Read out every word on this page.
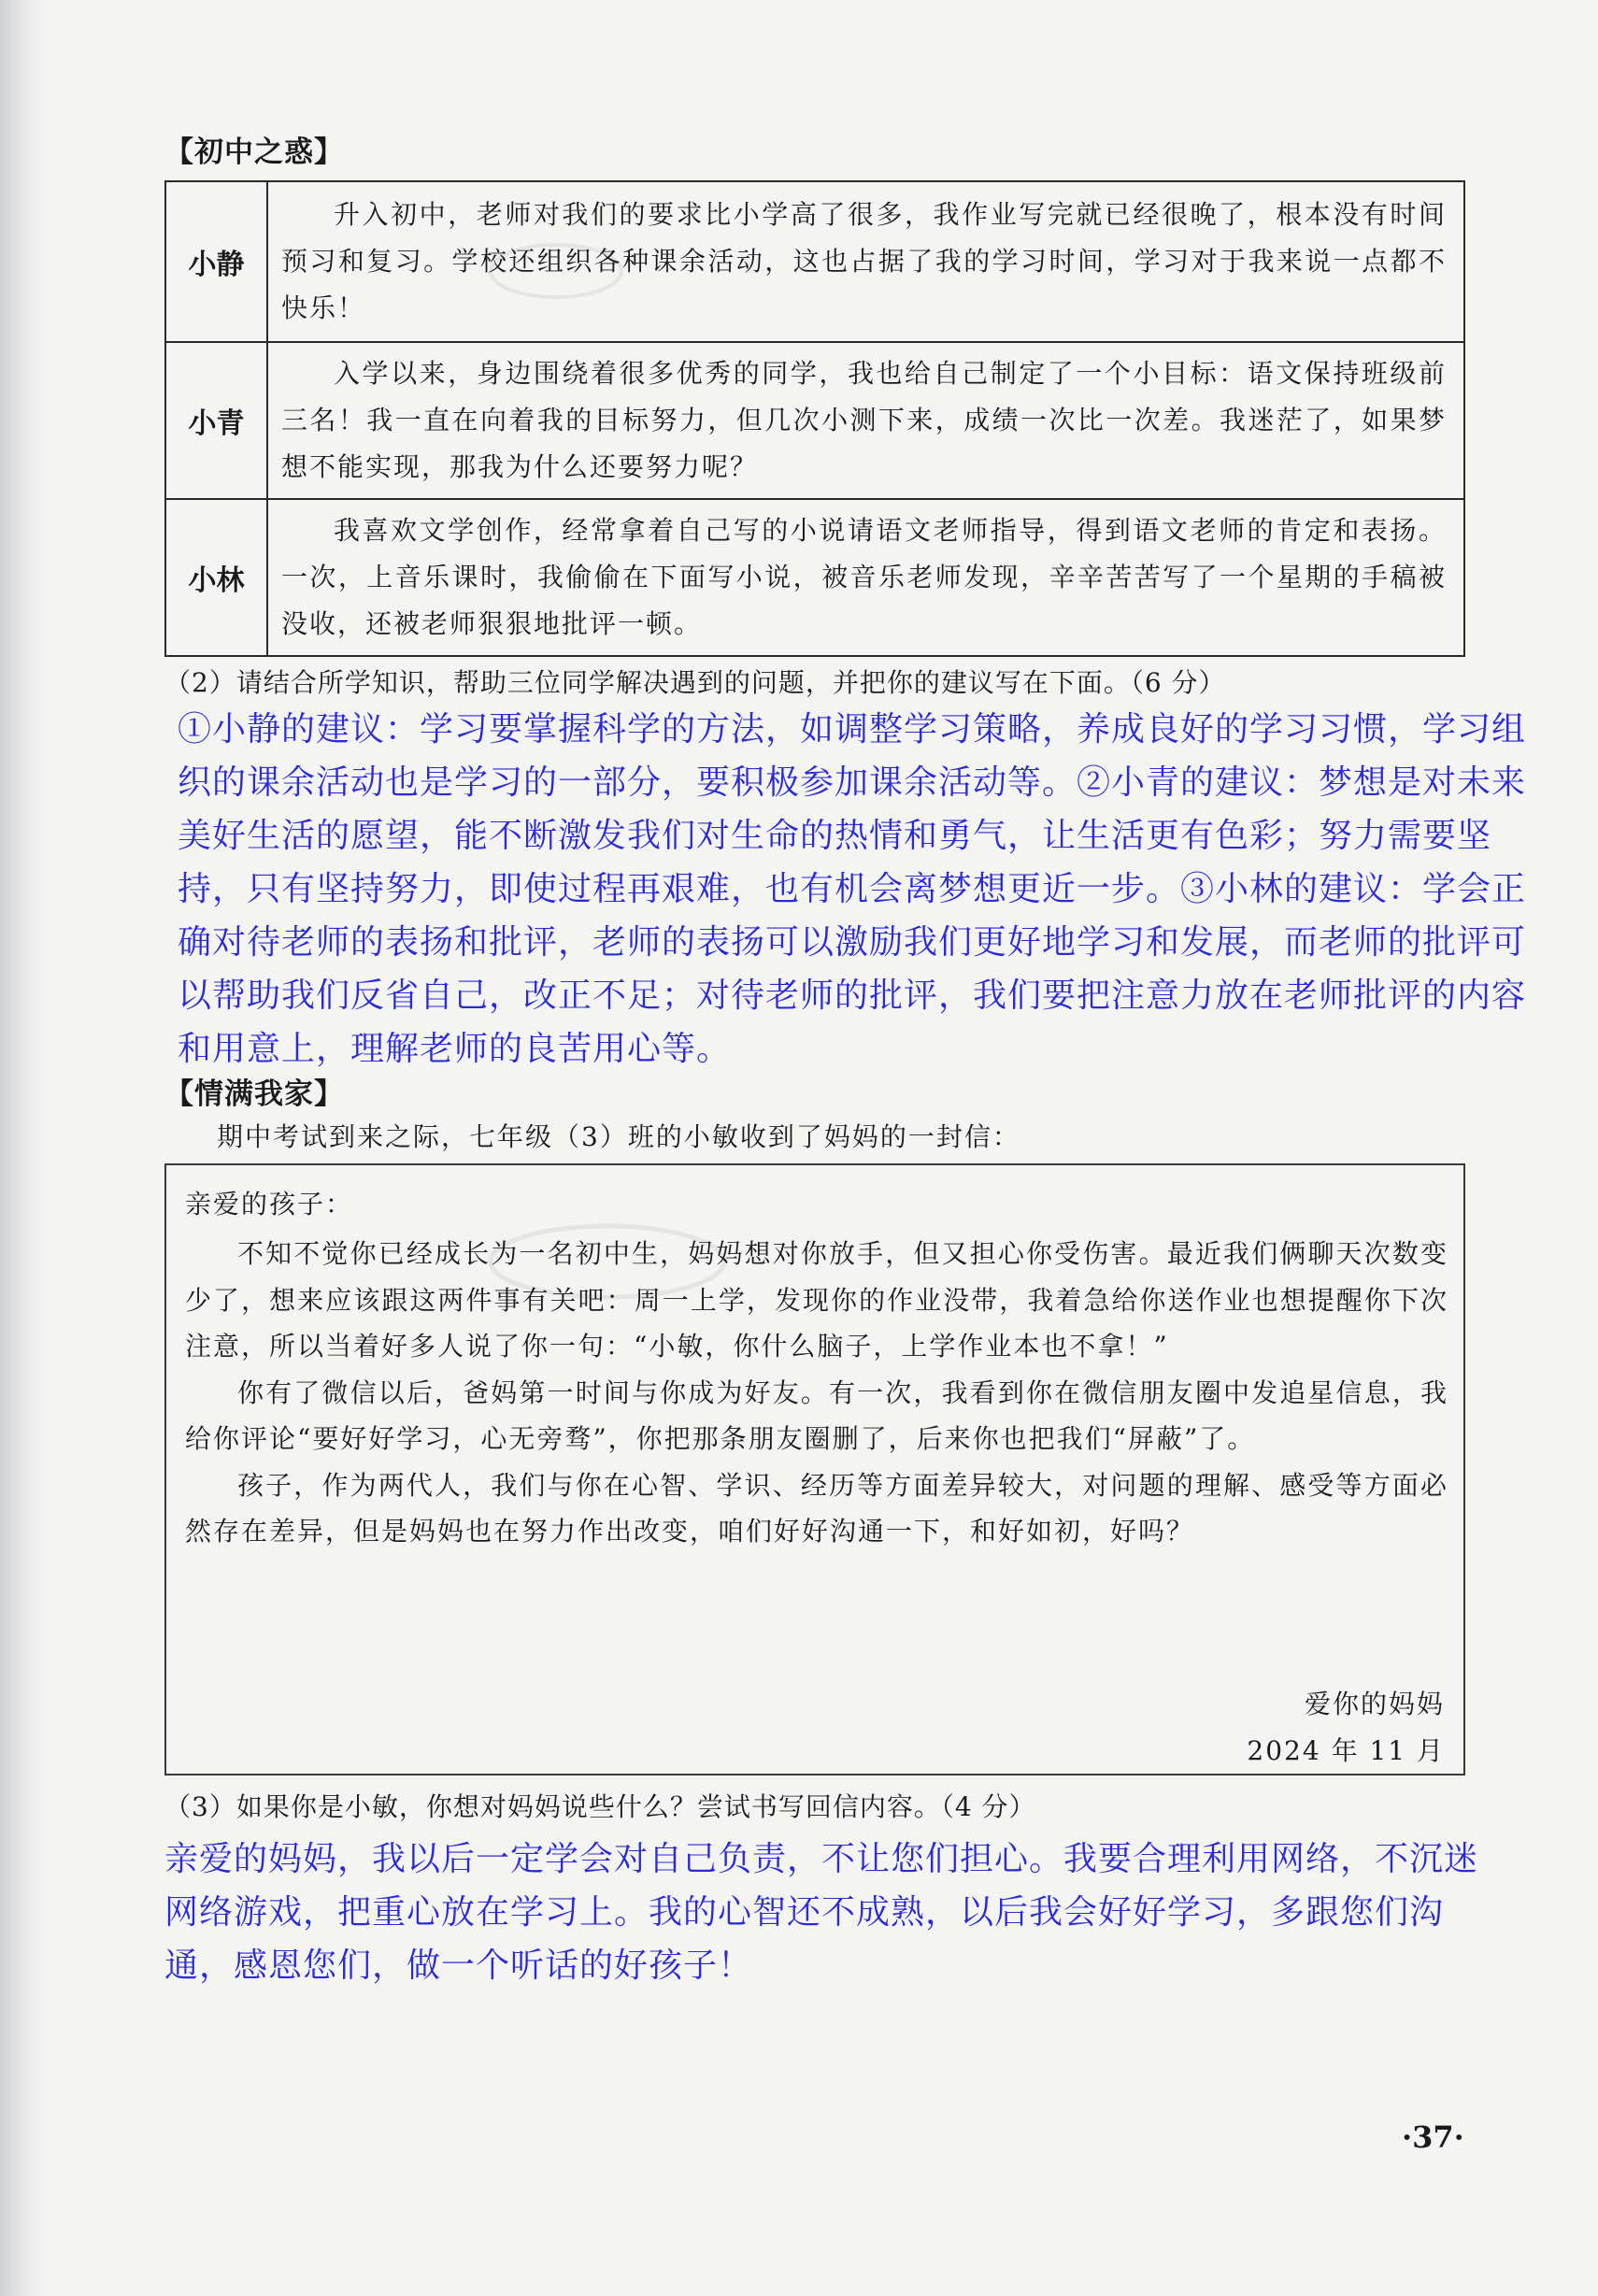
【初中之惑】
小静	升入初中，老师对我们的要求比小学高了很多，我作业写完就已经很晚了，根本没有时间预习和复习。学校还组织各种课余活动，这也占据了我的学习时间，学习对于我来说一点都不快乐！
小青	入学以来，身边围绕着很多优秀的同学，我也给自己制定了一个小目标：语文保持班级前三名！我一直在向着我的目标努力，但几次小测下来，成绩一次比一次差。我迷茫了，如果梦想不能实现，那我为什么还要努力呢？
小林	我喜欢文学创作，经常拿着自己写的小说请语文老师指导，得到语文老师的肯定和表扬。一次，上音乐课时，我偷偷在下面写小说，被音乐老师发现，辛辛苦苦写了一个星期的手稿被没收，还被老师狠狠地批评一顿。
（2）请结合所学知识，帮助三位同学解决遇到的问题，并把你的建议写在下面。（6 分）
①小静的建议：学习要掌握科学的方法，如调整学习策略，养成良好的学习习惯，学习组织的课余活动也是学习的一部分，要积极参加课余活动等。②小青的建议：梦想是对未来美好生活的愿望，能不断激发我们对生命的热情和勇气，让生活更有色彩；努力需要坚持，只有坚持努力，即使过程再艰难，也有机会离梦想更近一步。③小林的建议：学会正确对待老师的表扬和批评，老师的表扬可以激励我们更好地学习和发展，而老师的批评可以帮助我们反省自己，改正不足；对待老师的批评，我们要把注意力放在老师批评的内容和用意上，理解老师的良苦用心等。
【情满我家】
期中考试到来之际，七年级（3）班的小敏收到了妈妈的一封信：
亲爱的孩子：

不知不觉你已经成长为一名初中生，妈妈想对你放手，但又担心你受伤害。最近我们俩聊天次数变少了，想来应该跟这两件事有关吧：周一上学，发现你的作业没带，我着急给你送作业也想提醒你下次注意，所以当着好多人说了你一句：“小敏，你什么脑子，上学作业本也不拿！”

你有了微信以后，爸妈第一时间与你成为好友。有一次，我看到你在微信朋友圈中发追星信息，我给你评论“要好好学习，心无旁骛”，你把那条朋友圈删了，后来你也把我们“屏蔽”了。

孩子，作为两代人，我们与你在心智、学识、经历等方面差异较大，对问题的理解、感受等方面必然存在差异，但是妈妈也在努力作出改变，咱们好好沟通一下，和好如初，好吗？

爱你的妈妈
2024 年 11 月
（3）如果你是小敏，你想对妈妈说些什么？尝试书写回信内容。（4 分）
亲爱的妈妈，我以后一定学会对自己负责，不让您们担心。我要合理利用网络，不沉迷网络游戏，把重心放在学习上。我的心智还不成熟，以后我会好好学习，多跟您们沟通，感恩您们，做一个听话的好孩子！
·37·
